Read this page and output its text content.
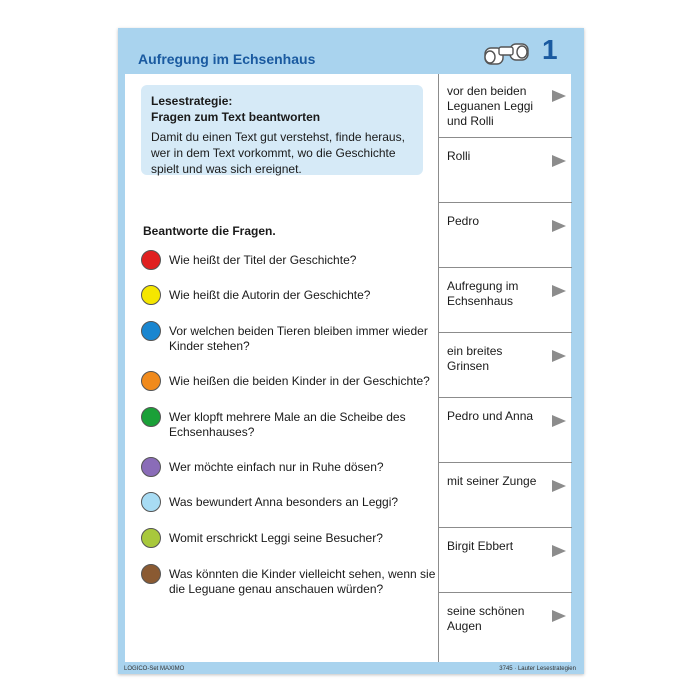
Aufregung im Echsenhaus	1
Lesestrategie:
Fragen zum Text beantworten
Damit du einen Text gut verstehst, finde heraus, wer in dem Text vorkommt, wo die Geschichte spielt und was sich ereignet.
Beantworte die Fragen.
Wie heißt der Titel der Geschichte?
Wie heißt die Autorin der Geschichte?
Vor welchen beiden Tieren bleiben immer wieder Kinder stehen?
Wie heißen die beiden Kinder in der Geschichte?
Wer klopft mehrere Male an die Scheibe des Echsenhauses?
Wer möchte einfach nur in Ruhe dösen?
Was bewundert Anna besonders an Leggi?
Womit erschrickt Leggi seine Besucher?
Was könnten die Kinder vielleicht sehen, wenn sie die Leguane genau anschauen würden?
vor den beiden Leguanen Leggi und Rolli
Rolli
Pedro
Aufregung im Echsenhaus
ein breites Grinsen
Pedro und Anna
mit seiner Zunge
Birgit Ebbert
seine schönen Augen
LOGICO-Set MAXIMO	3745 · Lauter Lesestrategien
